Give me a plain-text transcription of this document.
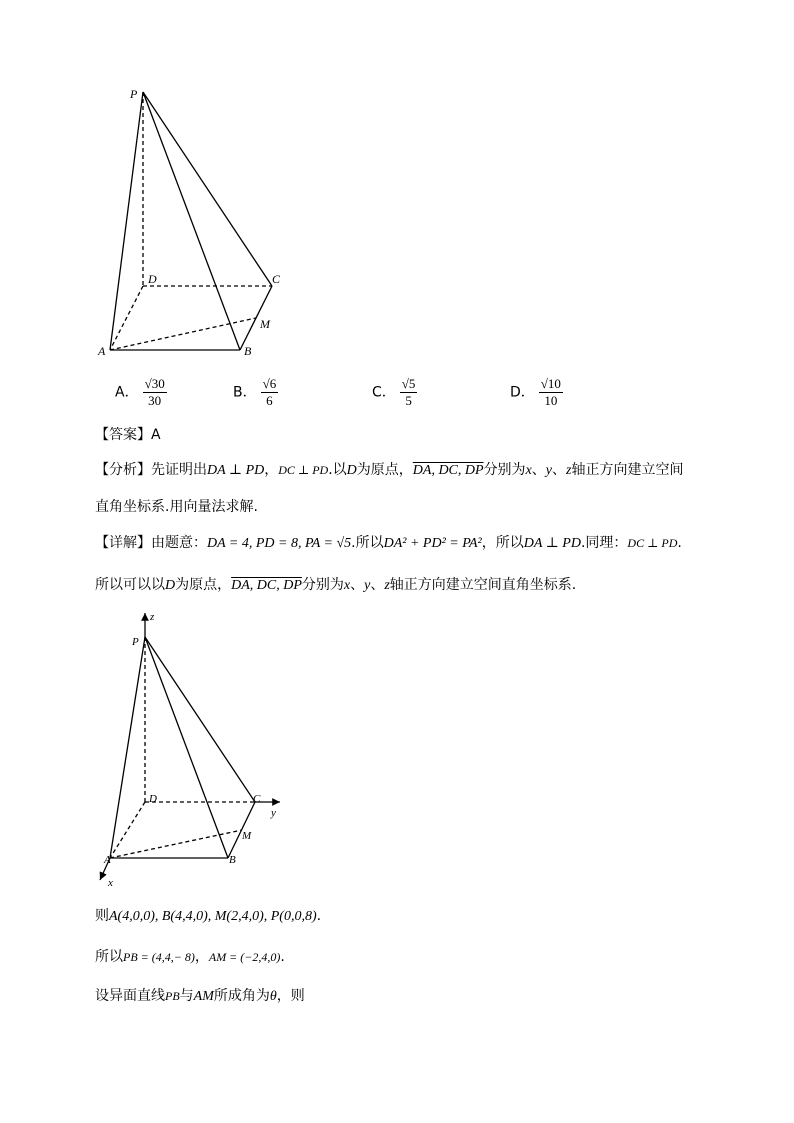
P
D	C
M
A	B
A． $\frac{√30}{30}$	B． $\frac{√6}{6}$	C． $\frac{√5}{5}$	D． $\frac{√10}{10}$
【答案】A
【分析】先证明出DA ⊥ PD，DC ⊥ PD.以D为原点，DA, DC, DP分别为x、y、z轴正方向建立空间
直角坐标系.用向量法求解.
【详解】由题意：DA = 4, PD = 8, PA = √5.所以DA² + PD² = PA²，所以DA ⊥ PD.同理：DC ⊥ PD.
所以可以以D为原点，DA, DC, DP分别为x、y、z轴正方向建立空间直角坐标系.
z
P
D	C
y
M
A	B
x
则A(4,0,0), B(4,4,0), M(2,4,0), P(0,0,8).
所以PB = (4,4,− 8)，AM = (−2,4,0).
设异面直线PB与AM所成角为θ，则
